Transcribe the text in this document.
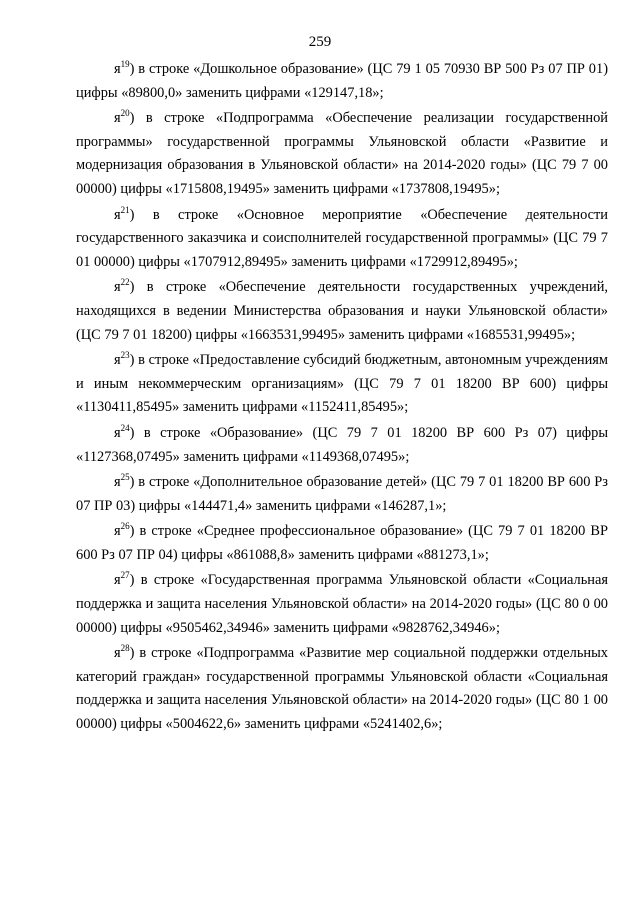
259

$я^{19}$) в строке «Дошкольное образование» (ЦС 79 1 05 70930 ВР 500 Рз 07 ПР 01) цифры «89800,0» заменить цифрами «129147,18»;

$я^{20}$) в строке «Подпрограмма «Обеспечение реализации государственной программы» государственной программы Ульяновской области «Развитие и модернизация образования в Ульяновской области» на 2014-2020 годы» (ЦС 79 7 00 00000) цифры «1715808,19495» заменить цифрами «1737808,19495»;

$я^{21}$) в строке «Основное мероприятие «Обеспечение деятельности государственного заказчика и соисполнителей государственной программы» (ЦС 79 7 01 00000) цифры «1707912,89495» заменить цифрами «1729912,89495»;

$я^{22}$) в строке «Обеспечение деятельности государственных учреждений, находящихся в ведении Министерства образования и науки Ульяновской области» (ЦС 79 7 01 18200) цифры «1663531,99495» заменить цифрами «1685531,99495»;

$я^{23}$) в строке «Предоставление субсидий бюджетным, автономным учреждениям и иным некоммерческим организациям» (ЦС 79 7 01 18200 ВР 600) цифры «1130411,85495» заменить цифрами «1152411,85495»;

$я^{24}$) в строке «Образование» (ЦС 79 7 01 18200 ВР 600 Рз 07) цифры «1127368,07495» заменить цифрами «1149368,07495»;

$я^{25}$) в строке «Дополнительное образование детей» (ЦС 79 7 01 18200 ВР 600 Рз 07 ПР 03) цифры «144471,4» заменить цифрами «146287,1»;

$я^{26}$) в строке «Среднее профессиональное образование» (ЦС 79 7 01 18200 ВР 600 Рз 07 ПР 04) цифры «861088,8» заменить цифрами «881273,1»;

$я^{27}$) в строке «Государственная программа Ульяновской области «Социальная поддержка и защита населения Ульяновской области» на 2014-2020 годы» (ЦС 80 0 00 00000) цифры «9505462,34946» заменить цифрами «9828762,34946»;

$я^{28}$) в строке «Подпрограмма «Развитие мер социальной поддержки отдельных категорий граждан» государственной программы Ульяновской области «Социальная поддержка и защита населения Ульяновской области» на 2014-2020 годы» (ЦС 80 1 00 00000) цифры «5004622,6» заменить цифрами «5241402,6»;
